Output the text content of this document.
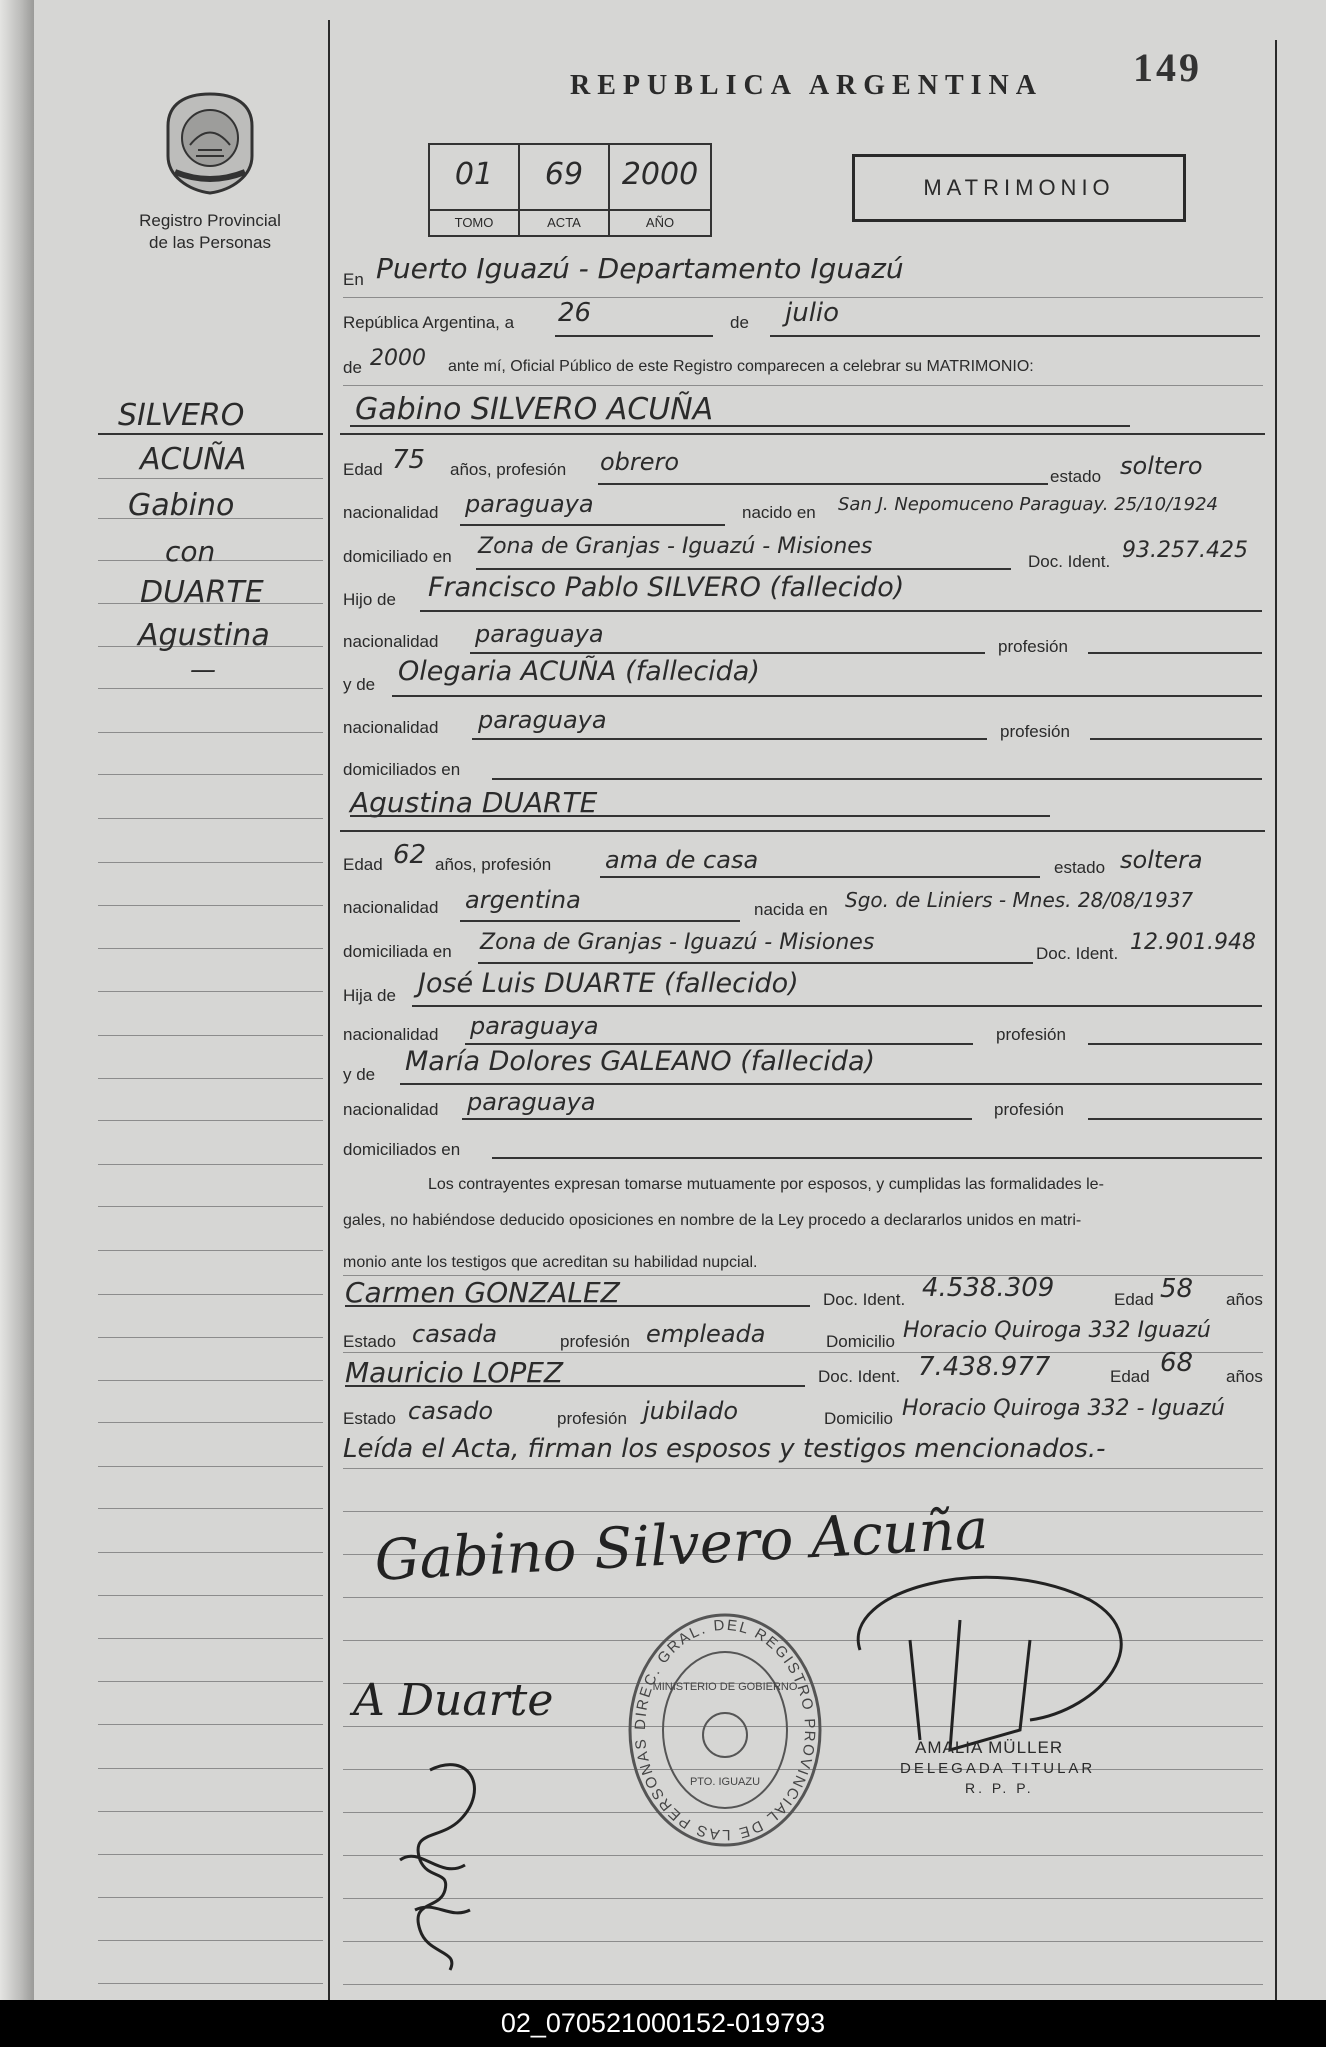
SILVERO
ACUÑA
Gabino
con
DUARTE
Agustina
—
Registro Provincial
de las Personas
REPUBLICA ARGENTINA 149
01
TOMO
69
ACTA
2000
AÑO
MATRIMONIO
En Puerto Iguazú - Departamento Iguazú
República Argentina, a 26	de julio
de 2000 ante mí, Oficial Público de este Registro comparecen a celebrar su MATRIMONIO:
Gabino SILVERO ACUÑA
Edad 75 años, profesión obrero
estado soltero
nacionalidad paraguaya	nacido en San J. Nepomuceno Paraguay. 25/10/1924
domiciliado en Zona de Granjas - Iguazú - Misiones
Doc. Ident. 93.257.425
Hijo de Francisco Pablo SILVERO (fallecido)
nacionalidad paraguaya	profesión
y de Olegaria ACUÑA (fallecida)
nacionalidad paraguaya	profesión
domiciliados en
Agustina DUARTE
Edad 62 años, profesión ama de casa	estado soltera
nacionalidad argentina	nacida en Sgo. de Liniers - Mnes. 28/08/1937
domiciliada en Zona de Granjas - Iguazú - Misiones	Doc. Ident. 12.901.948
Hija de José Luis DUARTE (fallecido)
nacionalidad paraguaya	profesión
y de María Dolores GALEANO (fallecida)
nacionalidad paraguaya	profesión
domiciliados en
Los contrayentes expresan tomarse mutuamente por esposos, y cumplidas las formalidades le-
gales, no habiéndose deducido oposiciones en nombre de la Ley procedo a declararlos unidos en matri-
monio ante los testigos que acreditan su habilidad nupcial.
Carmen GONZALEZ	Doc. Ident. 4.538.309	Edad 58 años
Estado casada	profesión empleada	Domicilio Horacio Quiroga 332 Iguazú
Mauricio LOPEZ	Doc. Ident. 7.438.977	Edad 68 años
Estado casado	profesión jubilado	Domicilio Horacio Quiroga 332 - Iguazú
Leída el Acta, firman los esposos y testigos mencionados.-
Gabino Silvero Acuña
A Duarte	DIREC. GRAL. DEL REGISTRO PROVINCIAL DE LAS PERSONAS
MINISTERIO DE GOBIERNO
PTO. IGUAZU
AMALIA MÜLLER
DELEGADA TITULAR
R. P. P.
02_070521000152-019793
